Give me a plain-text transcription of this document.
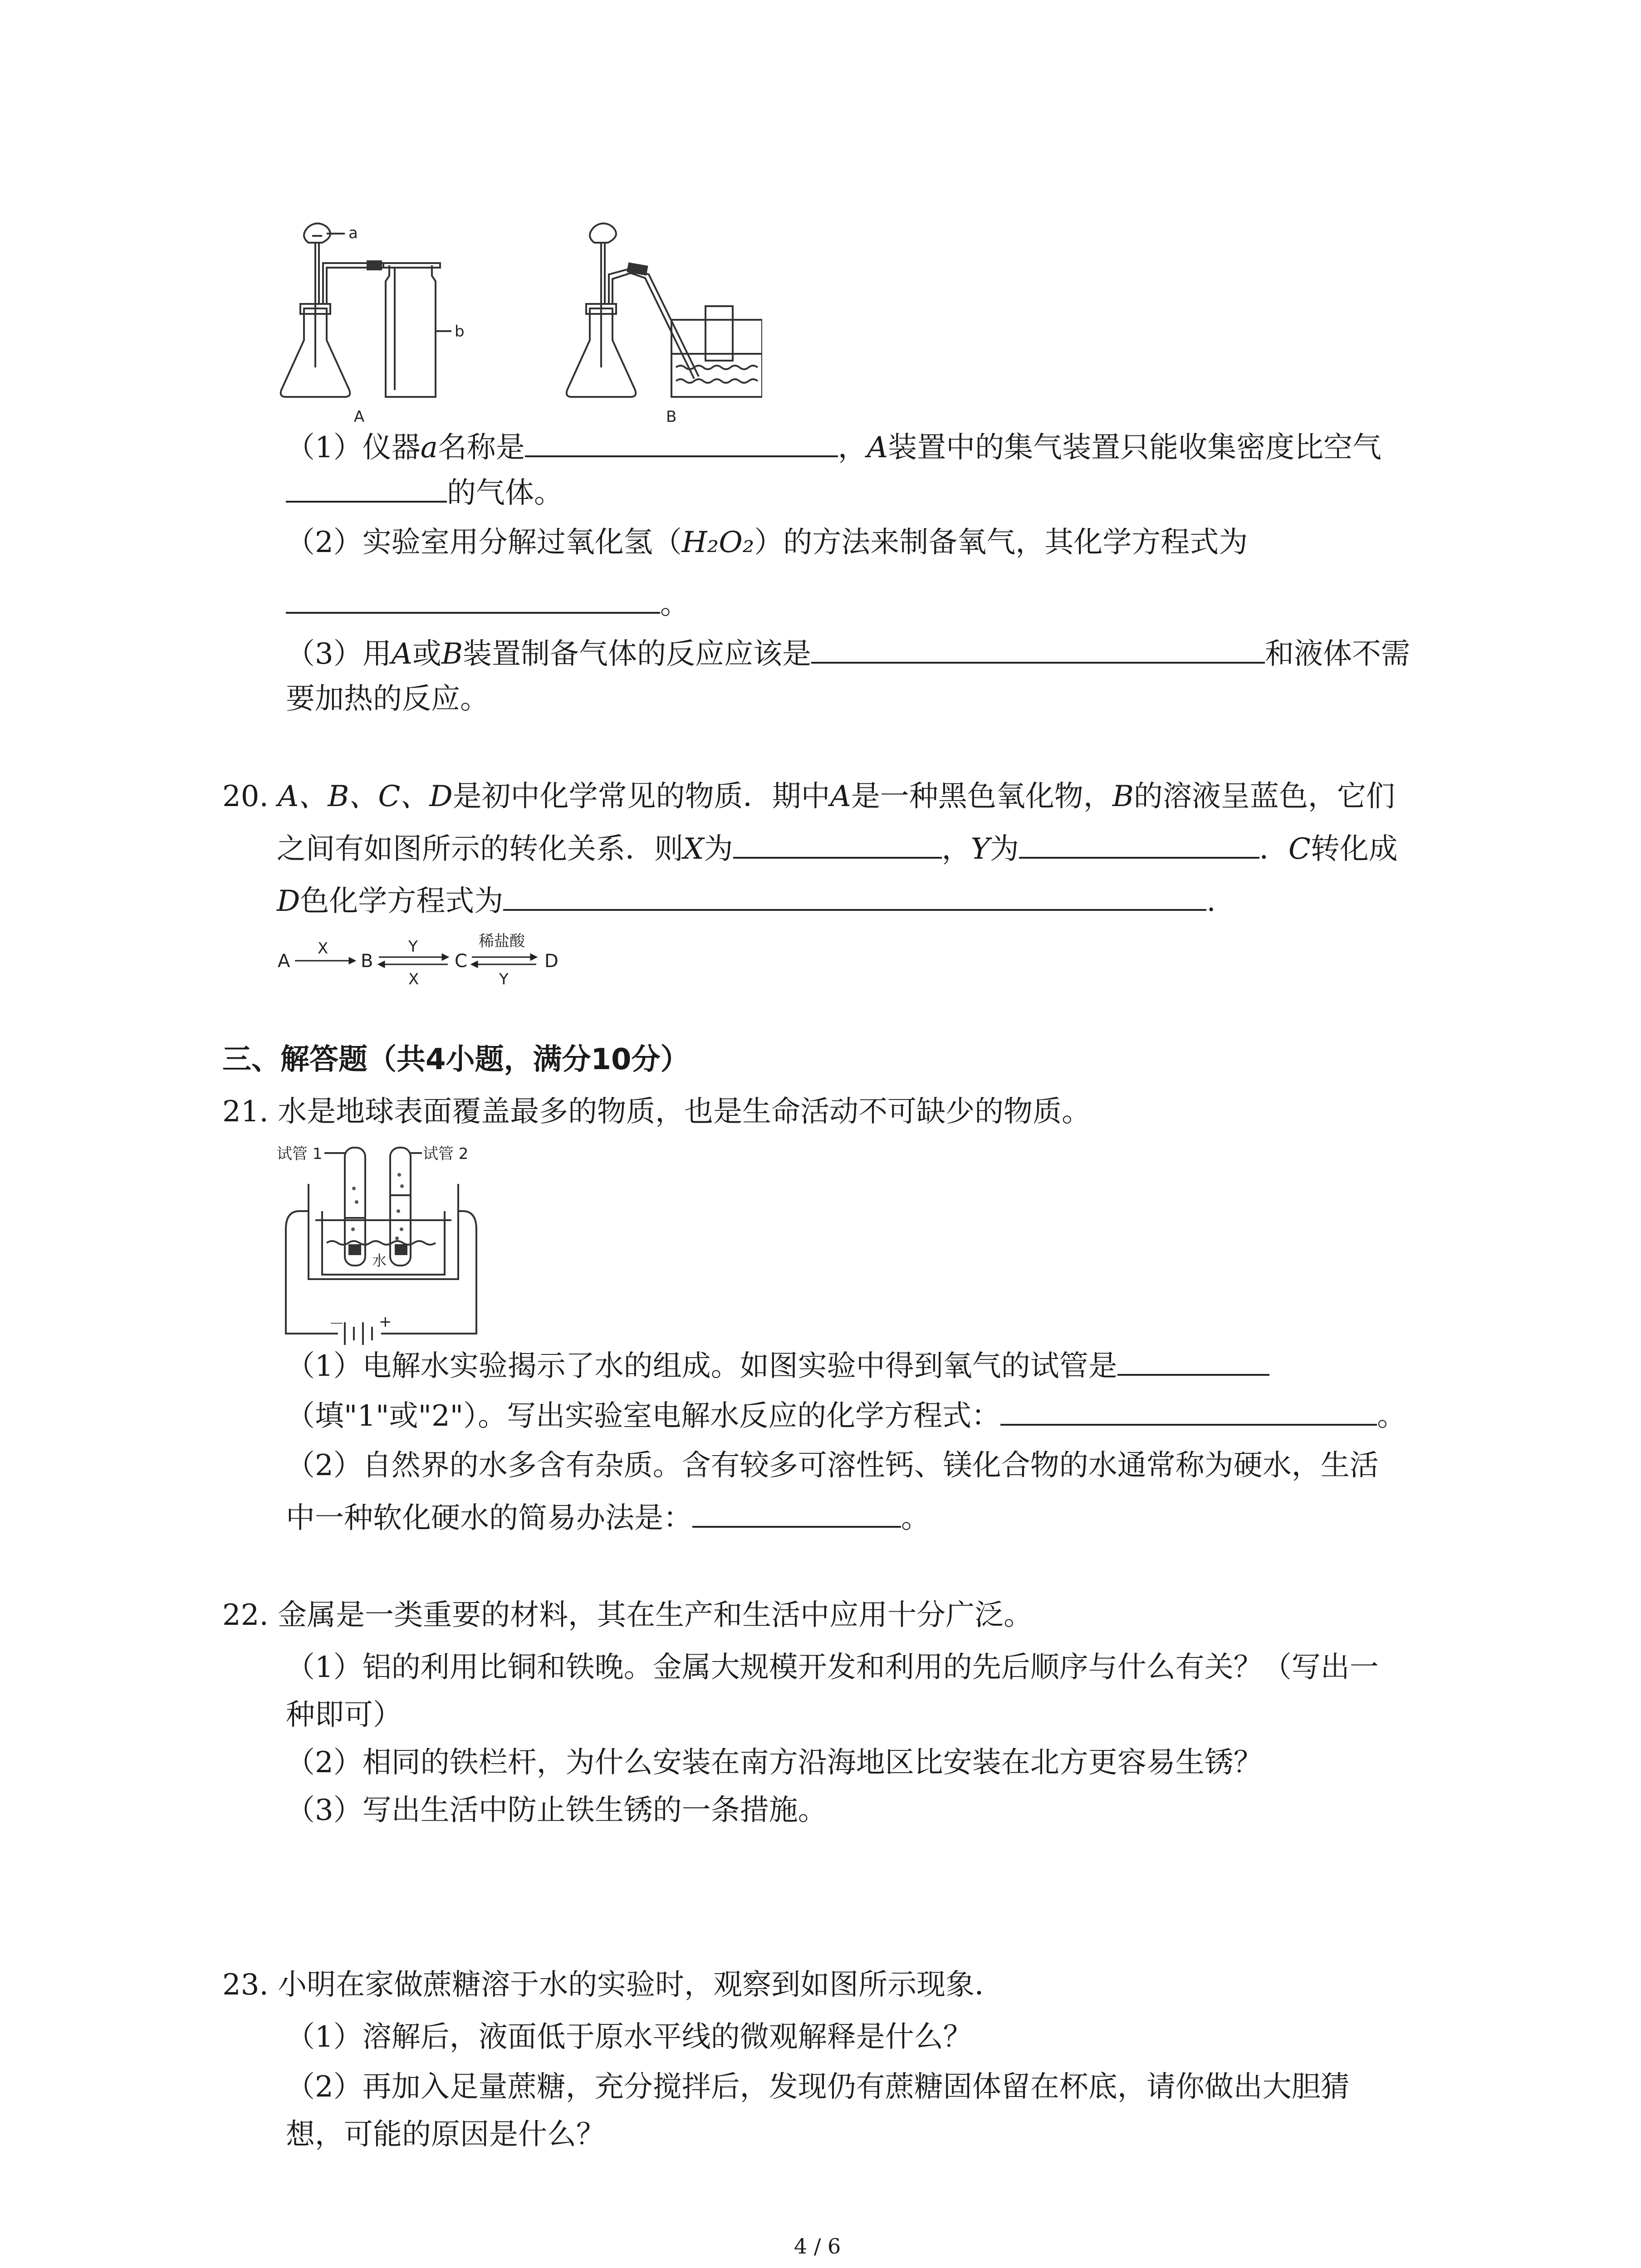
a
b
A	B
（1）仪器a名称是	，A装置中的集气装置只能收集密度比空气
的气体。
（2）实验室用分解过氧化氢（H₂O₂）的方法来制备氧气，其化学方程式为
。
（3）用A或B装置制备气体的反应应该是	和液体不需
要加热的反应。
20. A、B、C、D是初中化学常见的物质．期中A是一种黑色氧化物，B的溶液呈蓝色，它们
之间有如图所示的转化关系．则X为	，Y为	．C转化成
D色化学方程式为	.
A	B	C	D
X	Y
X
稀盐酸
Y
三、解答题（共4小题，满分10分）
21. 水是地球表面覆盖最多的物质，也是生命活动不可缺少的物质。
试管 1	试管 2
水
－ +
（1）电解水实验揭示了水的组成。如图实验中得到氧气的试管是
（填"1"或"2"）。写出实验室电解水反应的化学方程式：	。
（2）自然界的水多含有杂质。含有较多可溶性钙、镁化合物的水通常称为硬水，生活
中一种软化硬水的简易办法是：	。
22. 金属是一类重要的材料，其在生产和生活中应用十分广泛。
（1）铝的利用比铜和铁晚。金属大规模开发和利用的先后顺序与什么有关？（写出一
种即可）
（2）相同的铁栏杆，为什么安装在南方沿海地区比安装在北方更容易生锈？
（3）写出生活中防止铁生锈的一条措施。
23. 小明在家做蔗糖溶于水的实验时，观察到如图所示现象．
（1）溶解后，液面低于原水平线的微观解释是什么？
（2）再加入足量蔗糖，充分搅拌后，发现仍有蔗糖固体留在杯底，请你做出大胆猜
想，可能的原因是什么？
4 / 6
